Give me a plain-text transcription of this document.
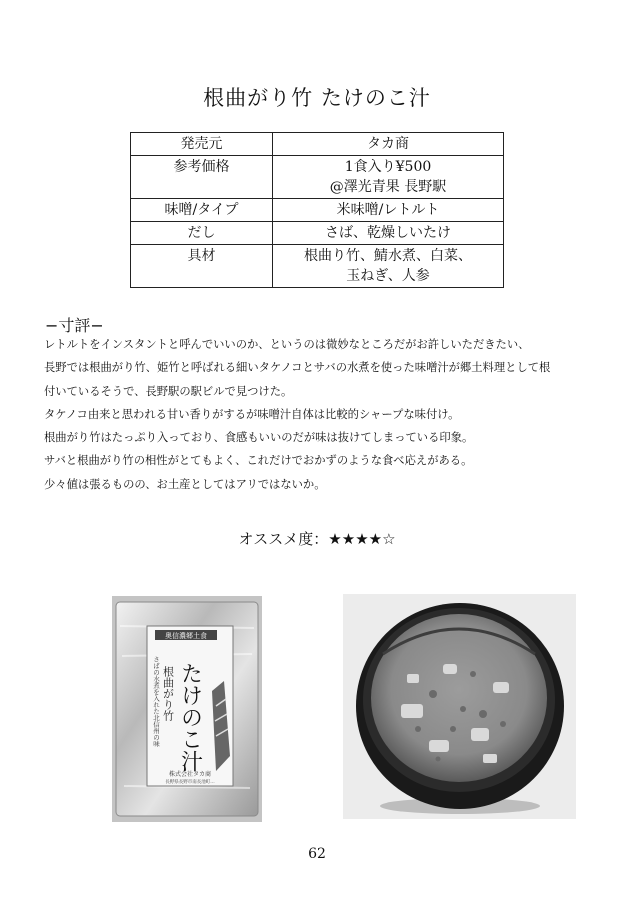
根曲がり竹 たけのこ汁
発売元	タカ商
参考価格	1食入り¥500
@澤光青果 長野駅
味噌/タイプ	米味噌/レトルト
だし	さば、乾燥しいたけ
具材	根曲り竹、鯖水煮、白菜、
玉ねぎ、人参
−寸評−

レトルトをインスタントと呼んでいいのか、というのは微妙なところだがお許しいただきたい、

長野では根曲がり竹、姫竹と呼ばれる細いタケノコとサバの水煮を使った味噌汁が郷土料理として根

付いているそうで、長野駅の駅ビルで見つけた。

タケノコ由来と思われる甘い香りがするが味噌汁自体は比較的シャープな味付け。

根曲がり竹はたっぷり入っており、食感もいいのだが味は抜けてしまっている印象。

サバと根曲がり竹の相性がとてもよく、これだけでおかずのような食べ応えがある。

少々値は張るものの、お土産としてはアリではないか。

オススメ度：★★★★☆
奥信濃郷土食
根曲がり竹 たけのこ汁
さばの水煮を入れた北信州の味
株式会社タカ商
長野県長野市南長池町…
62
